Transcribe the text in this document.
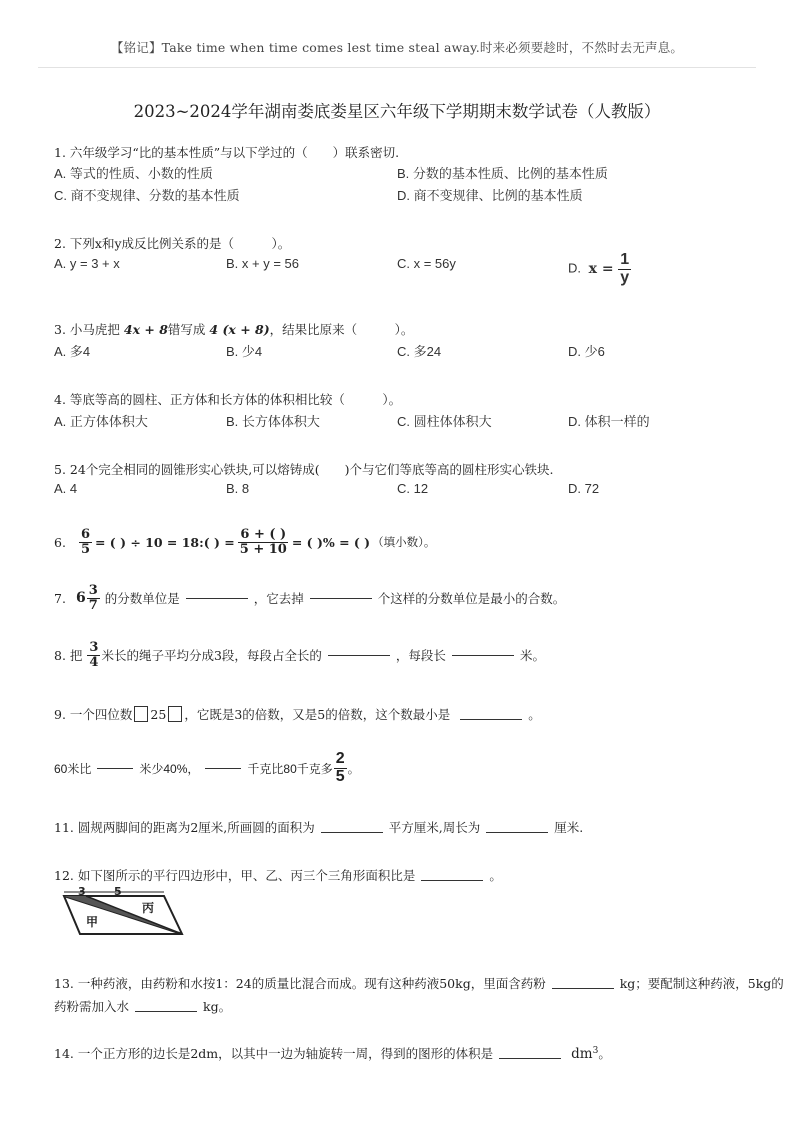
【铭记】Take time when time comes lest time steal away.时来必须要趁时，不然时去无声息。
2023~2024学年湖南娄底娄星区六年级下学期期末数学试卷（人教版）
1. 六年级学习“比的基本性质”与以下学过的（　　）联系密切.
A. 等式的性质、小数的性质	B. 分数的基本性质、比例的基本性质
C. 商不变规律、分数的基本性质	D. 商不变规律、比例的基本性质
2. 下列x和y成反比例关系的是（　　　）。
A. y = 3 + x	B. x + y = 56	C. x = 56y	D. $x = \frac{1}{y}$
3. 小马虎把 4x + 8错写成 4 (x + 8)，结果比原来（　　　）。
A. 多4	B. 少4	C. 多24	D. 少6
4. 等底等高的圆柱、正方体和长方体的体积相比较（　　　）。
A. 正方体体积大	B. 长方体体积大	C. 圆柱体体积大	D. 体积一样的
5. 24个完全相同的圆锥形实心铁块,可以熔铸成(　　)个与它们等底等高的圆柱形实心铁块.
A. 4	B. 8	C. 12	D. 72
6. $\frac{6}{5}$ = ( ) ÷ 10 = 18:( ) = $\frac{6 + ( )}{5 + 10}$ = ( )% = ( ) （填小数）。
7. $6 \frac{3}{7}$ 的分数单位是	，它去掉	个这样的分数单位是最小的合数。
8. 把 $\frac{3}{4}$ 米长的绳子平均分成3段，每段占全长的	，每段长	米。
9. 一个四位数 25 ，它既是3的倍数，又是5的倍数，这个数最小是	。
60米比	米少40%，	千克比80千克多 $\frac{2}{5}$ 。
11. 圆规两脚间的距离为2厘米,所画圆的面积为	平方厘米,周长为	厘米.
12. 如下图所示的平行四边形中，甲、乙、丙三个三角形面积比是	。
3	5
甲
丙
13. 一种药液，由药粉和水按1：24的质量比混合而成。现有这种药液50kg，里面含药粉	kg；要配制这种药液，5kg的
药粉需加入水	kg。
14. 一个正方形的边长是2dm，以其中一边为轴旋转一周，得到的图形的体积是	$dm^3$。
